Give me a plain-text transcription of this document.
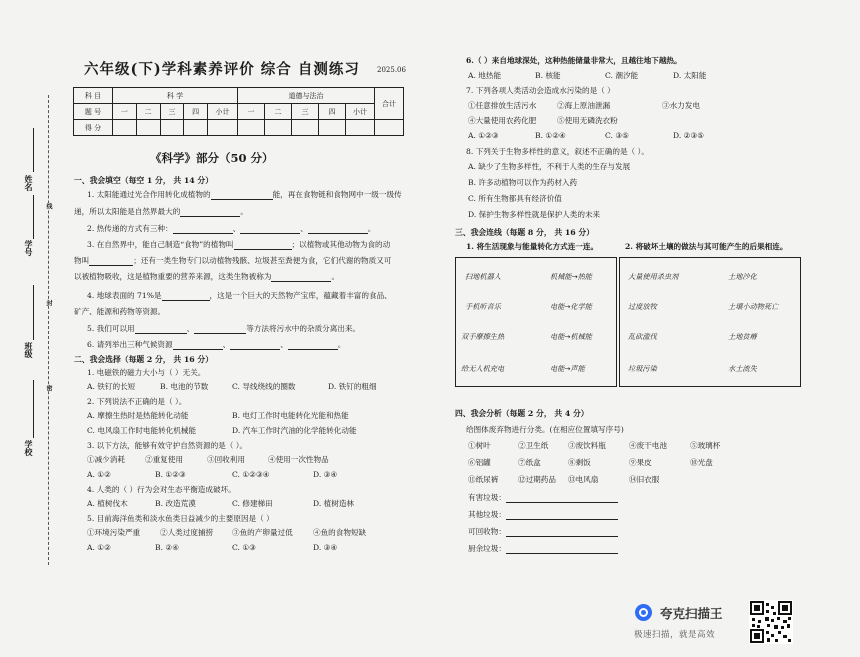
姓名
学号
班级
学校
线
封
密
六年级(下)学科素养评价 综合 自测练习 2025.06
科 目	科 学					道德与法治					合计
题 号	一	二	三	四	小计	一	二	三	四	小计	
得 分											
《科学》部分（50 分）
一、我会填空（每空 1 分， 共 14 分）
1. 太阳能通过光合作用转化成植物的	能，再在食物链和食物网中一级一级传
递，所以太阳能是自然界最大的	。
2. 热传递的方式有三种：	、	、	。
3. 在自然界中，能自己制造“食物”的植物叫	；以植物或其他动物为食的动
物叫	；还有一类生物专门以动植物残骸、垃圾甚至粪便为食，它们代谢的物质又可
以被植物吸收，这是植物重要的营养来源，这类生物被称为	。
4. 地球表面的 71%是	，这是一个巨大的天然物产宝库，蕴藏着丰富的食品、
矿产、能源和药物等资源。
5. 我们可以用	、	等方法将污水中的杂质分离出来。
6. 请列举出三种气候资源	、	、	。
二、我会选择（每题 2 分， 共 16 分）
1. 电磁铁的磁力大小与（ ）无关。
A. 铁钉的长短	B. 电池的节数	C. 导线绕线的圈数	D. 铁钉的粗细
2. 下列说法不正确的是（ ）。
A. 摩擦生热时是热能转化动能	B. 电灯工作时电能转化光能和热能
C. 电风扇工作时电能转化机械能	D. 汽车工作时汽油的化学能转化动能
3. 以下方法，能够有效守护自然资源的是（ ）。
①减少消耗	②重复使用	③回收利用	④使用一次性物品
A. ①②	B. ①②③	C. ①②③④	D. ③④
4. 人类的（ ）行为会对生态平衡造成破坏。
A. 植树伐木	B. 改造荒漠	C. 修建梯田	D. 植树造林
5. 目前海洋鱼类和淡水鱼类日益减少的主要原因是（ ）
①环境污染严重	②人类过度捕捞 ③鱼的产卵量过低	④鱼的食物短缺
A. ①②	B. ②④	C. ①③	D. ③④
6.（ ）来自地球深处，这种热能储量非常大，且越往地下越热。
A. 地热能	B. 核能	C. 潮汐能	D. 太阳能
7. 下列各项人类活动会造成水污染的是（ ）
①任意排放生活污水	②海上原油泄漏	③水力发电
④大量使用农药化肥	⑤使用无磷洗衣粉
A. ①②③	B. ①②④	C. ③⑤	D. ②③⑤
8. 下列关于生物多样性的意义，叙述不正确的是（ ）。
A. 缺少了生物多样性，不利于人类的生存与发展
B. 许多动植物可以作为药材入药
C. 所有生物都具有经济价值
D. 保护生物多样性就是保护人类的未来
三、我会连线（每题 8 分， 共 16 分）
1. 将生活现象与能量转化方式连一连。	2. 将破坏土壤的做法与其可能产生的后果相连。
扫地机器人
手机听音乐
双手摩擦生热
给无人机充电
机械能→热能
电能→化学能
电能→机械能
电能→声能
大量使用杀虫剂
过度放牧
乱砍滥伐
垃圾污染
土地沙化
土壤小动物死亡
土地贫瘠
水土流失
四、我会分析（每题 2 分， 共 4 分）
给图体废弃物进行分类。(在相应位置填写序号)
①树叶	②卫生纸	③废饮料瓶	④废干电池	⑤玻璃杯
⑥铝罐	⑦纸盒	⑧剩饭	⑨果皮	⑩光盘
⑪纸尿裤	⑫过期药品 ⑬电风扇	⑭旧衣服
有害垃圾：
其他垃圾：
可回收物：
厨余垃圾：
夸克扫描王
极速扫描，就是高效
